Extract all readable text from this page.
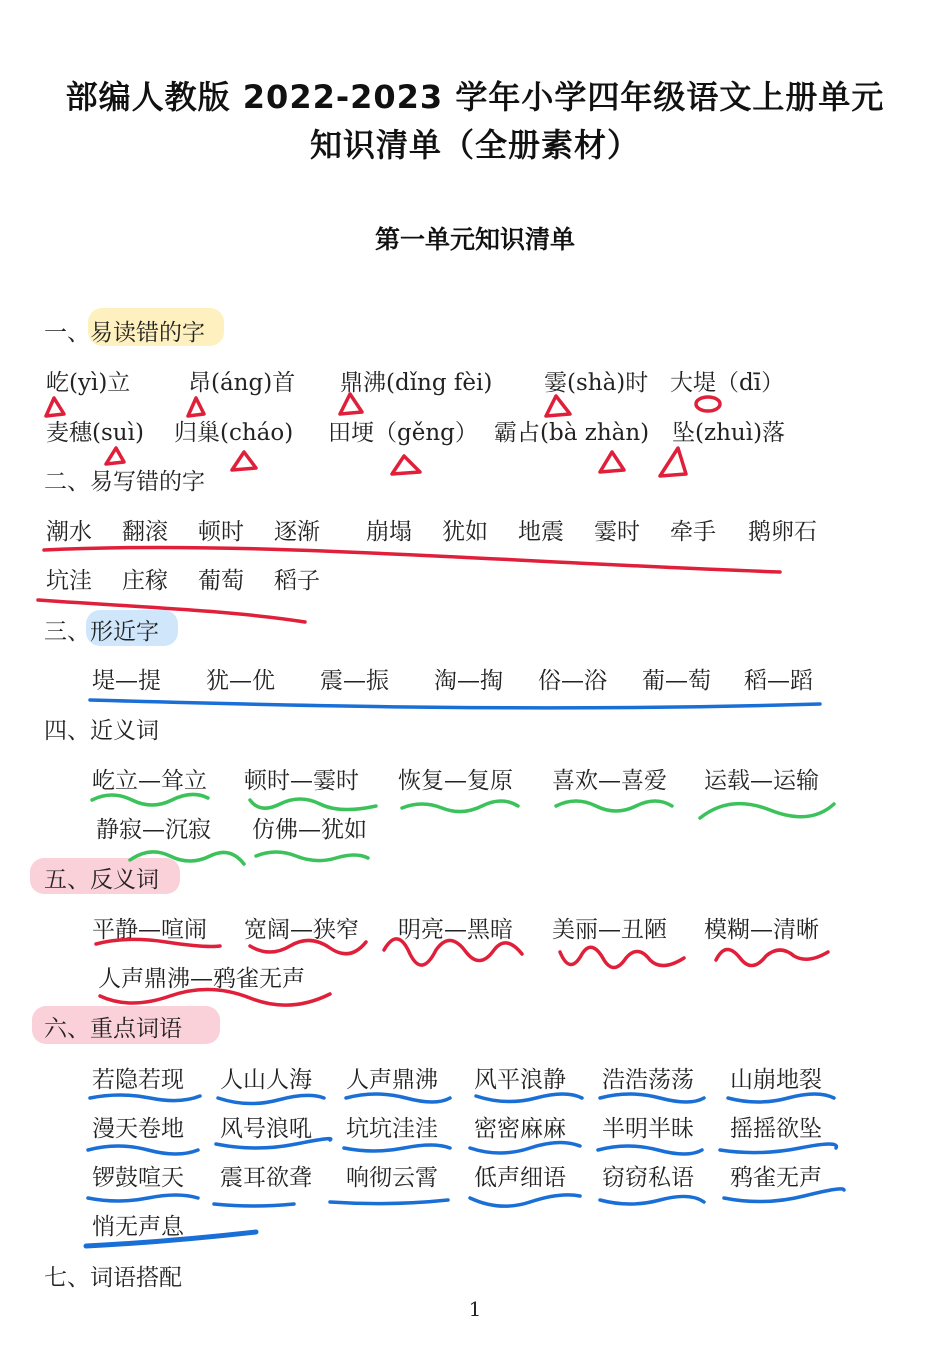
部编人教版 2022-2023 学年小学四年级语文上册单元
知识清单（全册素材）
第一单元知识清单
一、易读错的字
二、易写错的字
三、形近字
四、近义词
五、反义词
六、重点词语
七、词语搭配
屹(yì)立	昂(áng)首 鼎沸(dǐng fèi) 霎(shà)时 大堤（dī）
麦穗(suì) 归巢(cháo) 田埂（gěng） 霸占(bà zhàn) 坠(zhuì)落
潮水 翻滚 顿时 逐渐 崩塌 犹如 地震 霎时 牵手 鹅卵石
坑洼 庄稼 葡萄 稻子
堤—提 犹—优 震—振 淘—掏 俗—浴 葡—萄 稻—蹈
屹立—耸立 顿时—霎时 恢复—复原 喜欢—喜爱 运载—运输
静寂—沉寂 仿佛—犹如
平静—喧闹 宽阔—狭窄 明亮—黑暗 美丽—丑陋 模糊—清晰
人声鼎沸—鸦雀无声
若隐若现 人山人海 人声鼎沸 风平浪静 浩浩荡荡 山崩地裂
漫天卷地 风号浪吼 坑坑洼洼 密密麻麻 半明半昧 摇摇欲坠
锣鼓喧天 震耳欲聋 响彻云霄 低声细语 窃窃私语 鸦雀无声
悄无声息
1
